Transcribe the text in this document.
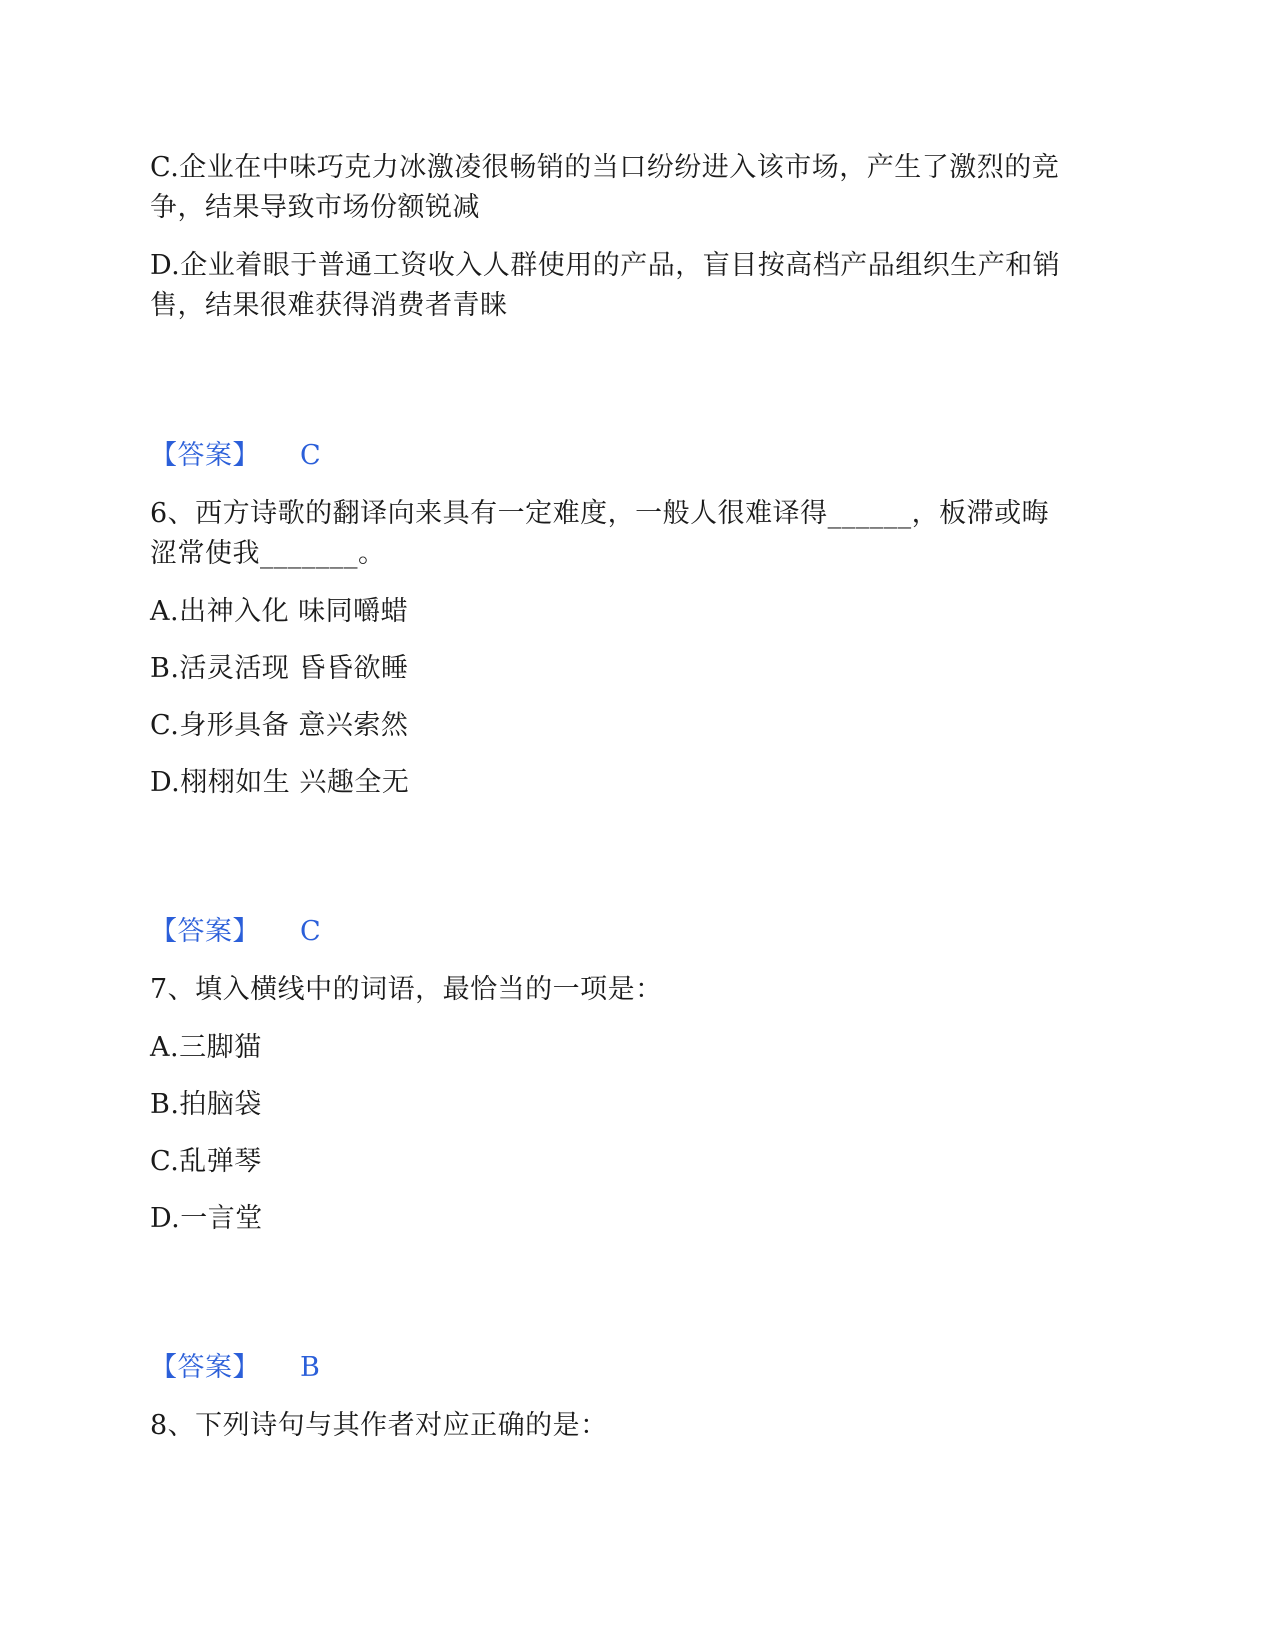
C.企业在中味巧克力冰激凌很畅销的当口纷纷进入该市场，产生了激烈的竞
争，结果导致市场份额锐减
D.企业着眼于普通工资收入人群使用的产品，盲目按高档产品组织生产和销
售，结果很难获得消费者青睐
【答案】 C
6、西方诗歌的翻译向来具有一定难度，一般人很难译得______，板滞或晦
涩常使我_______。
A.出神入化 味同嚼蜡
B.活灵活现 昏昏欲睡
C.身形具备 意兴索然
D.栩栩如生 兴趣全无
【答案】 C
7、填入横线中的词语，最恰当的一项是：
A.三脚猫
B.拍脑袋
C.乱弹琴
D.一言堂
【答案】 B
8、下列诗句与其作者对应正确的是：
